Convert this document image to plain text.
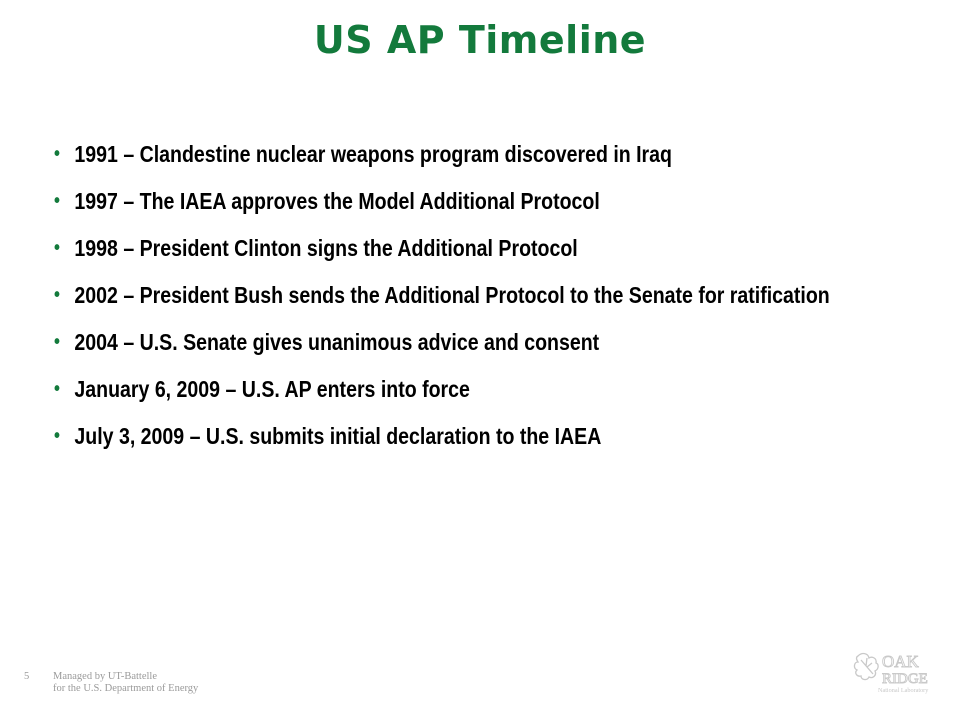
US AP Timeline
• 1991 – Clandestine nuclear weapons program discovered in Iraq
• 1997 – The IAEA approves the Model Additional Protocol
• 1998 – President Clinton signs the Additional Protocol
• 2002 – President Bush sends the Additional Protocol to the Senate for ratification
• 2004 – U.S. Senate gives unanimous advice and consent
• January 6, 2009 – U.S. AP enters into force
• July 3, 2009 – U.S. submits initial declaration to the IAEA
5 Managed by UT-Battelle
for the U.S. Department of Energy
OAK
RIDGE
National Laboratory
